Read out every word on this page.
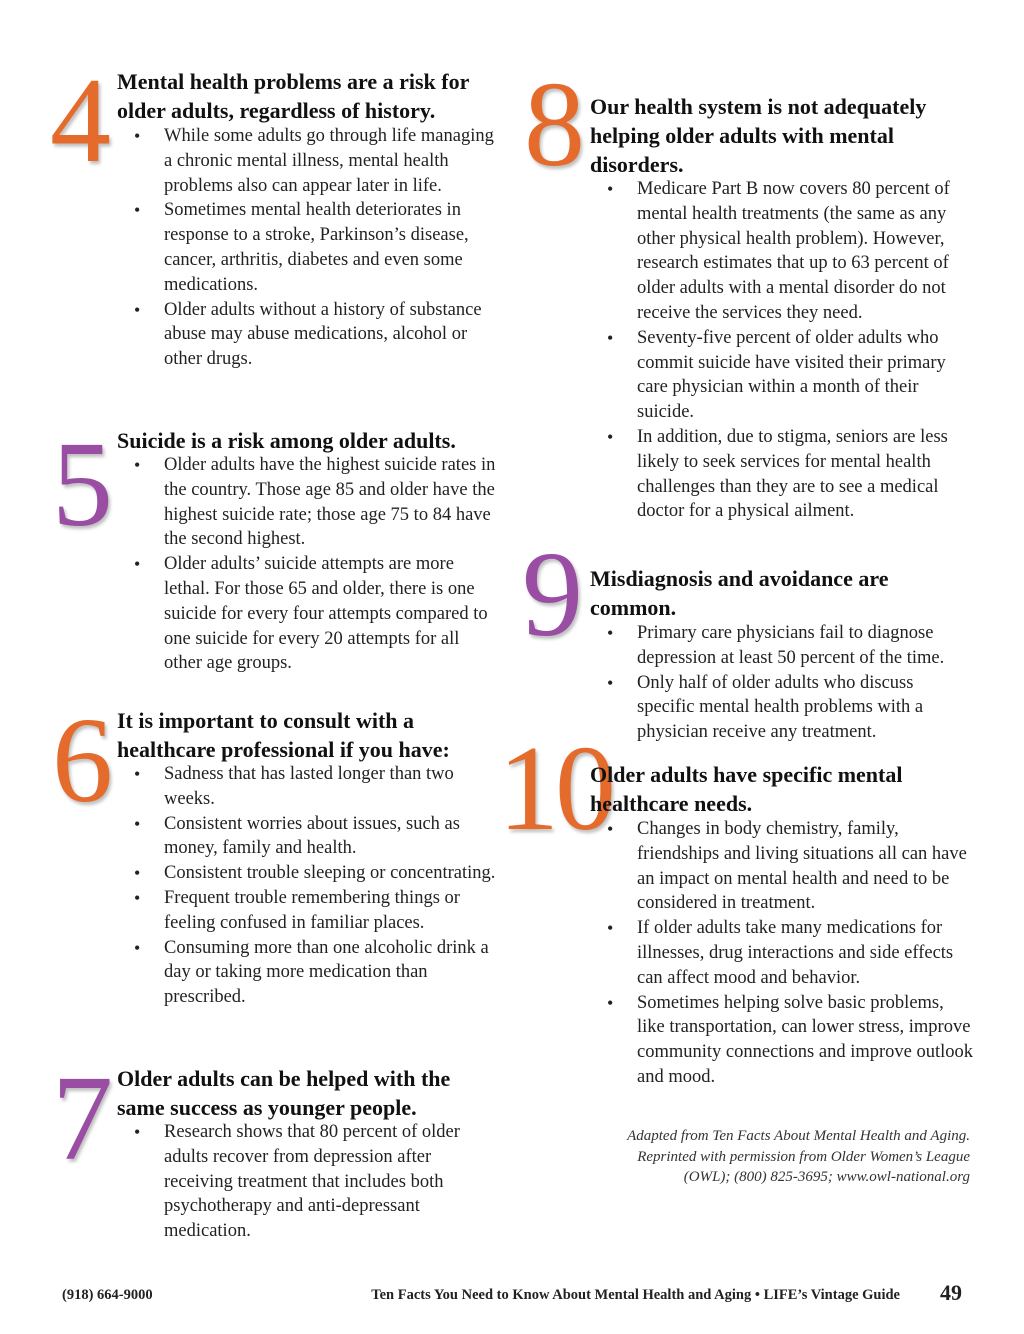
4 Mental health problems are a risk for older adults, regardless of history.
• While some adults go through life managing a chronic mental illness, mental health problems also can appear later in life.
• Sometimes mental health deteriorates in response to a stroke, Parkinson’s disease, cancer, arthritis, diabetes and even some medications.
• Older adults without a history of substance abuse may abuse medications, alcohol or other drugs.
5 Suicide is a risk among older adults.
• Older adults have the highest suicide rates in the country. Those age 85 and older have the highest suicide rate; those age 75 to 84 have the second highest.
• Older adults’ suicide attempts are more lethal. For those 65 and older, there is one suicide for every four attempts compared to one suicide for every 20 attempts for all other age groups.
6 It is important to consult with a healthcare professional if you have:
• Sadness that has lasted longer than two weeks.
• Consistent worries about issues, such as money, family and health.
• Consistent trouble sleeping or concentrating.
• Frequent trouble remembering things or feeling confused in familiar places.
• Consuming more than one alcoholic drink a day or taking more medication than prescribed.
7 Older adults can be helped with the same success as younger people.
• Research shows that 80 percent of older adults recover from depression after receiving treatment that includes both psychotherapy and anti-depressant medication.
8 Our health system is not adequately helping older adults with mental disorders.
• Medicare Part B now covers 80 percent of mental health treatments (the same as any other physical health problem). However, research estimates that up to 63 percent of older adults with a mental disorder do not receive the services they need.
• Seventy-five percent of older adults who commit suicide have visited their primary care physician within a month of their suicide.
• In addition, due to stigma, seniors are less likely to seek services for mental health challenges than they are to see a medical doctor for a physical ailment.
9 Misdiagnosis and avoidance are common.
• Primary care physicians fail to diagnose depression at least 50 percent of the time.
• Only half of older adults who discuss specific mental health problems with a physician receive any treatment.
10
Older adults have specific mental healthcare needs.
• Changes in body chemistry, family, friendships and living situations all can have an impact on mental health and need to be considered in treatment.
• If older adults take many medications for illnesses, drug interactions and side effects can affect mood and behavior.
• Sometimes helping solve basic problems, like transportation, can lower stress, improve community connections and improve outlook and mood.
Adapted from Ten Facts About Mental Health and Aging.
Reprinted with permission from Older Women’s League
(OWL); (800) 825-3695; www.owl-national.org
(918) 664-9000	Ten Facts You Need to Know About Mental Health and Aging • LIFE’s Vintage Guide 49
